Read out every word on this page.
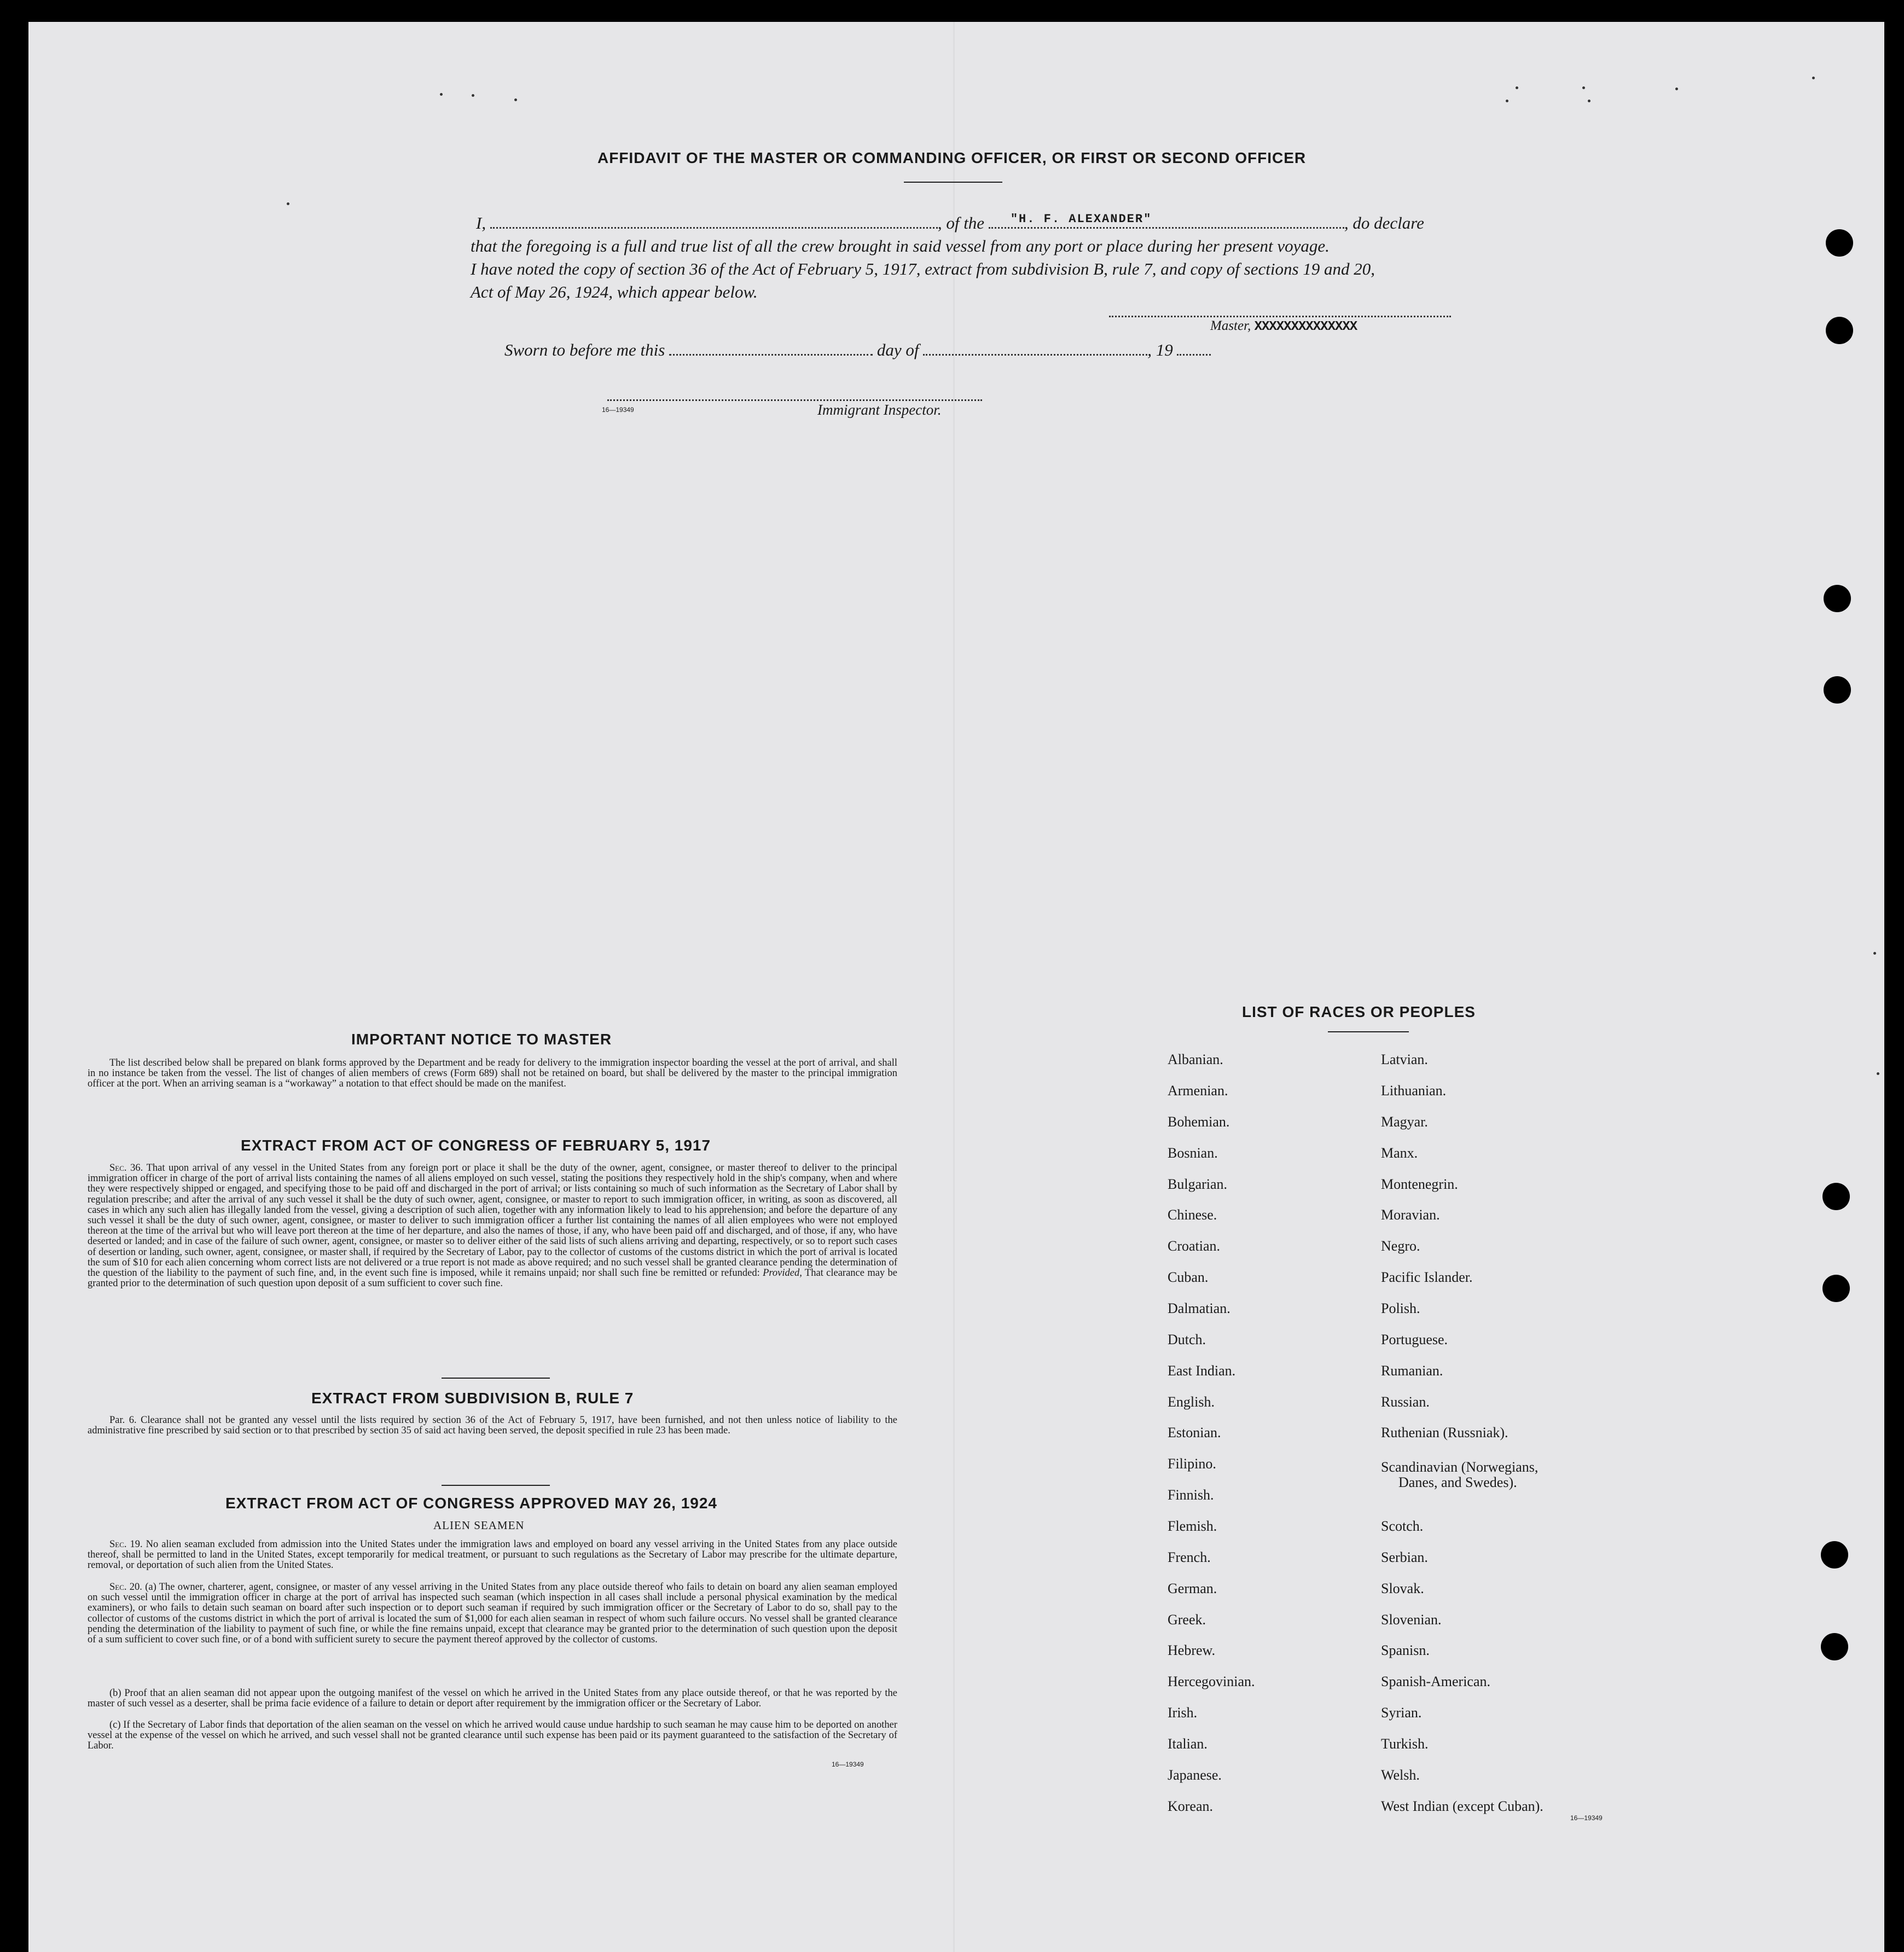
AFFIDAVIT OF THE MASTER OR COMMANDING OFFICER, OR FIRST OR SECOND OFFICER
I,	, of the "H. F. ALEXANDER"	, do declare
that the foregoing is a full and true list of all the crew brought in said vessel from any port or place during her present voyage.
I have noted the copy of section 36 of the Act of February 5, 1917, extract from subdivision B, rule 7, and copy of sections 19 and 20,
Act of May 26, 1924, which appear below.
Master, XXXXXXXXXXXXXX
Sworn to before me this	day of	, 19
16—19349	Immigrant Inspector.
IMPORTANT NOTICE TO MASTER

The list described below shall be prepared on blank forms approved by the Department and be ready for delivery to the immigration inspector boarding the vessel at the port of arrival, and shall in no instance be taken from the vessel. The list of changes of alien members of crews (Form 689) shall not be retained on board, but shall be delivered by the master to the principal immigration officer at the port. When an arriving seaman is a “workaway” a notation to that effect should be made on the manifest.

EXTRACT FROM ACT OF CONGRESS OF FEBRUARY 5, 1917

Sec. 36. That upon arrival of any vessel in the United States from any foreign port or place it shall be the duty of the owner, agent, consignee, or master thereof to deliver to the principal immigration officer in charge of the port of arrival lists containing the names of all aliens employed on such vessel, stating the positions they respectively hold in the ship's company, when and where they were respectively shipped or engaged, and specifying those to be paid off and discharged in the port of arrival; or lists containing so much of such information as the Secretary of Labor shall by regulation prescribe; and after the arrival of any such vessel it shall be the duty of such owner, agent, consignee, or master to report to such immigration officer, in writing, as soon as discovered, all cases in which any such alien has illegally landed from the vessel, giving a description of such alien, together with any information likely to lead to his apprehension; and before the departure of any such vessel it shall be the duty of such owner, agent, consignee, or master to deliver to such immigration officer a further list containing the names of all alien employees who were not employed thereon at the time of the arrival but who will leave port thereon at the time of her departure, and also the names of those, if any, who have been paid off and discharged, and of those, if any, who have deserted or landed; and in case of the failure of such owner, agent, consignee, or master so to deliver either of the said lists of such aliens arriving and departing, respectively, or so to report such cases of desertion or landing, such owner, agent, consignee, or master shall, if required by the Secretary of Labor, pay to the collector of customs of the customs district in which the port of arrival is located the sum of $10 for each alien concerning whom correct lists are not delivered or a true report is not made as above required; and no such vessel shall be granted clearance pending the determination of the question of the liability to the payment of such fine, and, in the event such fine is imposed, while it remains unpaid; nor shall such fine be remitted or refunded: Provided, That clearance may be granted prior to the determination of such question upon deposit of a sum sufficient to cover such fine.

EXTRACT FROM SUBDIVISION B, RULE 7

Par. 6. Clearance shall not be granted any vessel until the lists required by section 36 of the Act of February 5, 1917, have been furnished, and not then unless notice of liability to the administrative fine prescribed by said section or to that prescribed by section 35 of said act having been served, the deposit specified in rule 23 has been made.

EXTRACT FROM ACT OF CONGRESS APPROVED MAY 26, 1924
ALIEN SEAMEN

Sec. 19. No alien seaman excluded from admission into the United States under the immigration laws and employed on board any vessel arriving in the United States from any place outside thereof, shall be permitted to land in the United States, except temporarily for medical treatment, or pursuant to such regulations as the Secretary of Labor may prescribe for the ultimate departure, removal, or deportation of such alien from the United States.

Sec. 20. (a) The owner, charterer, agent, consignee, or master of any vessel arriving in the United States from any place outside thereof who fails to detain on board any alien seaman employed on such vessel until the immigration officer in charge at the port of arrival has inspected such seaman (which inspection in all cases shall include a personal physical examination by the medical examiners), or who fails to detain such seaman on board after such inspection or to deport such seaman if required by such immigration officer or the Secretary of Labor to do so, shall pay to the collector of customs of the customs district in which the port of arrival is located the sum of $1,000 for each alien seaman in respect of whom such failure occurs. No vessel shall be granted clearance pending the determination of the liability to payment of such fine, or while the fine remains unpaid, except that clearance may be granted prior to the determination of such question upon the deposit of a sum sufficient to cover such fine, or of a bond with sufficient surety to secure the payment thereof approved by the collector of customs.

(b) Proof that an alien seaman did not appear upon the outgoing manifest of the vessel on which he arrived in the United States from any place outside thereof, or that he was reported by the master of such vessel as a deserter, shall be prima facie evidence of a failure to detain or deport after requirement by the immigration officer or the Secretary of Labor.

(c) If the Secretary of Labor finds that deportation of the alien seaman on the vessel on which he arrived would cause undue hardship to such seaman he may cause him to be deported on another vessel at the expense of the vessel on which he arrived, and such vessel shall not be granted clearance until such expense has been paid or its payment guaranteed to the satisfaction of the Secretary of Labor.

16—19349
LIST OF RACES OR PEOPLES
Albanian.
Armenian.
Bohemian.
Bosnian.
Bulgarian.
Chinese.
Croatian.
Cuban.
Dalmatian.
Dutch.
East Indian.
English.
Estonian.
Filipino.
Finnish.
Flemish.
French.
German.
Greek.
Hebrew.
Hercegovinian.
Irish.
Italian.
Japanese.
Korean.
Latvian.
Lithuanian.
Magyar.
Manx.
Montenegrin.
Moravian.
Negro.
Pacific Islander.
Polish.
Portuguese.
Rumanian.
Russian.
Ruthenian (Russniak).
Scandinavian (Norwegians,
Danes, and Swedes).
Scotch.
Serbian.
Slovak.
Slovenian.
Spanisn.
Spanish-American.
Syrian.
Turkish.
Welsh.
West Indian (except Cuban).
16—19349
